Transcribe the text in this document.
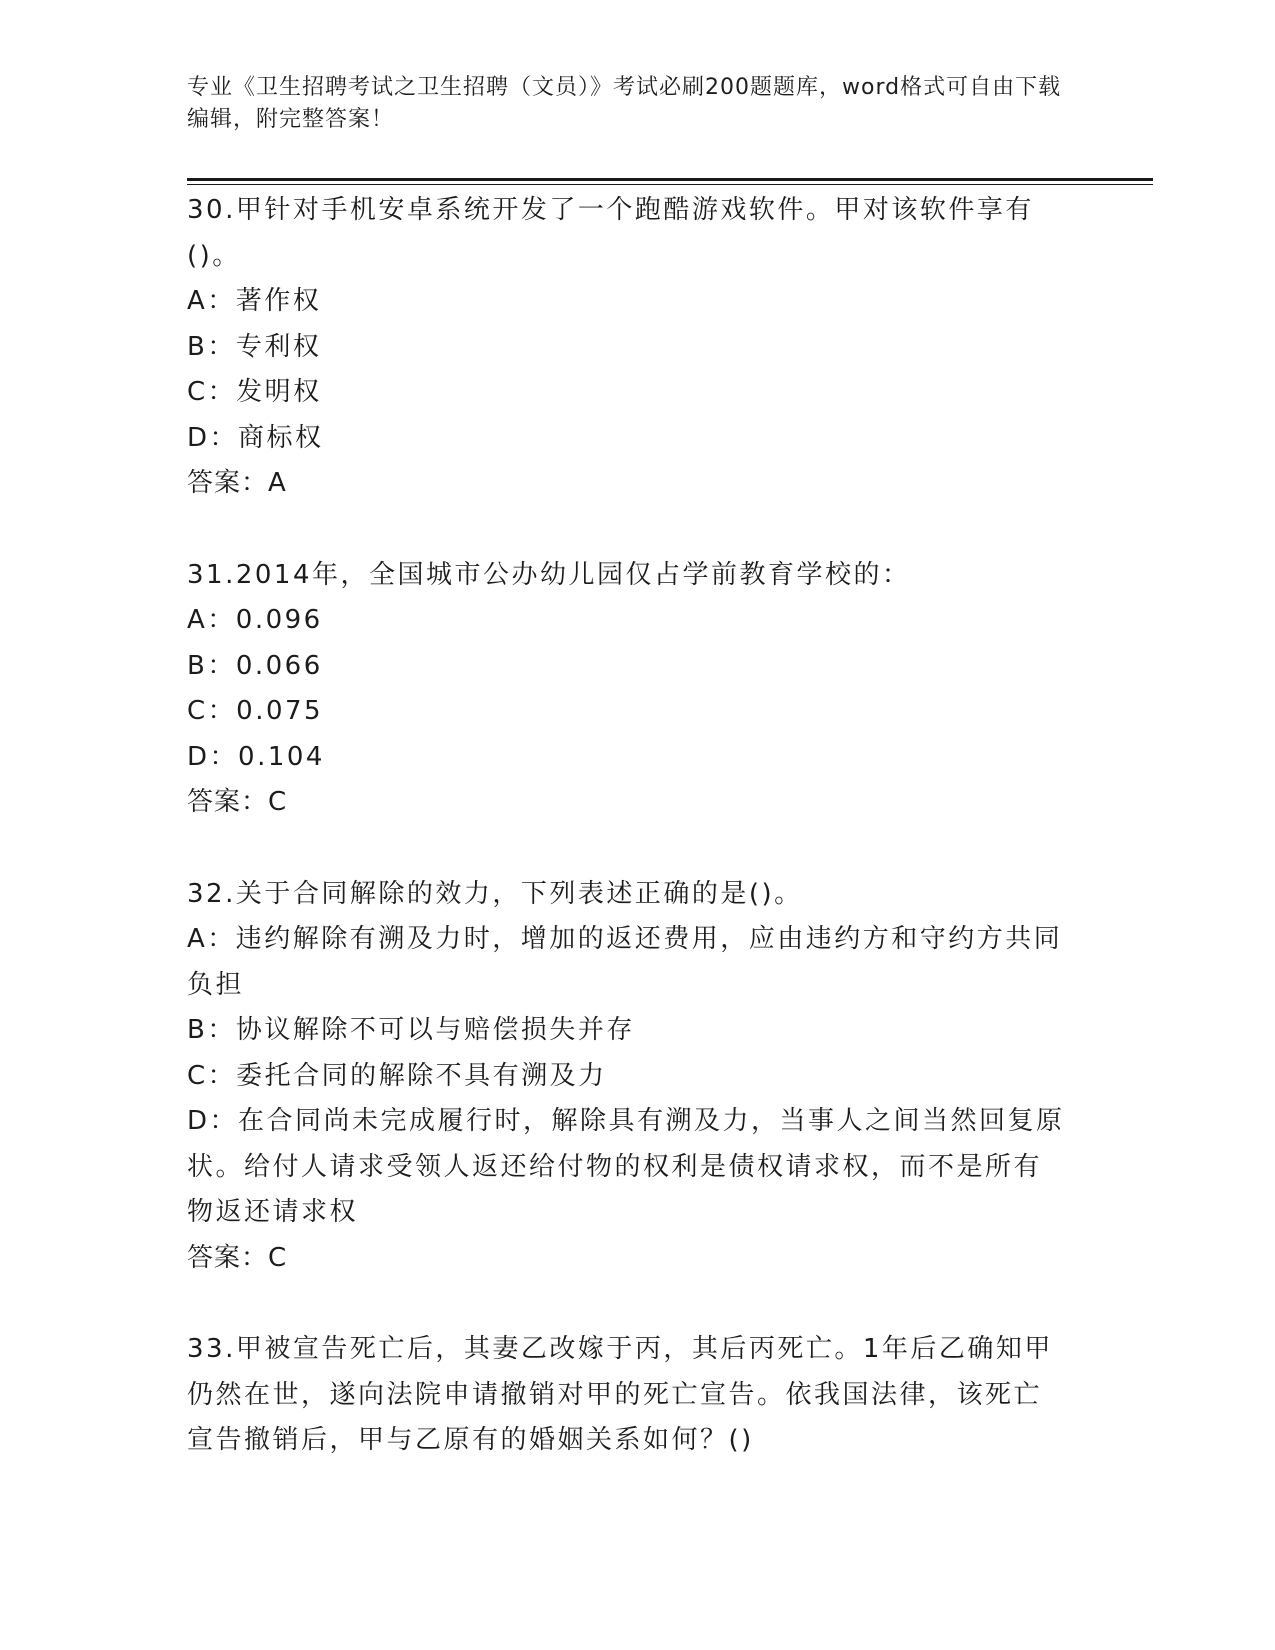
专业《卫生招聘考试之卫生招聘（文员）》考试必刷200题题库，word格式可自由下载编辑，附完整答案！

30.甲针对手机安卓系统开发了一个跑酷游戏软件。甲对该软件享有()。

A：著作权

B：专利权

C：发明权

D：商标权

答案：A

31.2014年，全国城市公办幼儿园仅占学前教育学校的：

A：0.096

B：0.066

C：0.075

D：0.104

答案：C

32.关于合同解除的效力，下列表述正确的是()。

A：违约解除有溯及力时，增加的返还费用，应由违约方和守约方共同负担

B：协议解除不可以与赔偿损失并存

C：委托合同的解除不具有溯及力

D：在合同尚未完成履行时，解除具有溯及力，当事人之间当然回复原状。给付人请求受领人返还给付物的权利是债权请求权，而不是所有物返还请求权

答案：C

33.甲被宣告死亡后，其妻乙改嫁于丙，其后丙死亡。1年后乙确知甲仍然在世，遂向法院申请撤销对甲的死亡宣告。依我国法律，该死亡宣告撤销后，甲与乙原有的婚姻关系如何？()
